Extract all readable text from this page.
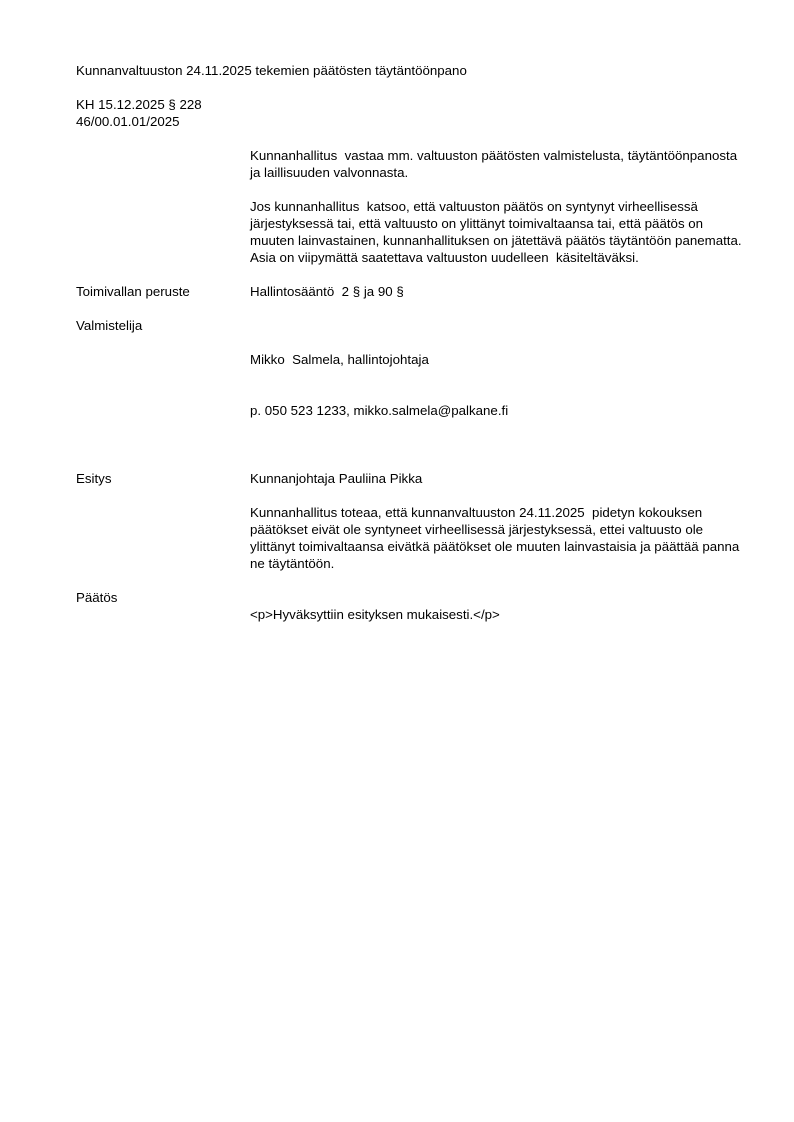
Kunnanvaltuuston 24.11.2025 tekemien päätösten täytäntöönpano
KH 15.12.2025 § 228
46/00.01.01/2025
Kunnanhallitus  vastaa mm. valtuuston päätösten valmistelusta, täytäntöönpanosta ja laillisuuden valvonnasta.
Jos kunnanhallitus  katsoo, että valtuuston päätös on syntynyt virheellisessä järjestyksessä tai, että valtuusto on ylittänyt toimivaltaansa tai, että päätös on muuten lainvastainen, kunnanhallituksen on jätettävä päätös täytäntöön panematta. Asia on viipymättä saatettava valtuuston uudelleen  käsiteltäväksi.
Toimivallan peruste	Hallintosääntö  2 § ja 90 §
Valmistelija

Mikko  Salmela, hallintojohtaja

p. 050 523 1233, mikko.salmela@palkane.fi

Esitys	Kunnanjohtaja Pauliina Pikka
Kunnanhallitus toteaa, että kunnanvaltuuston 24.11.2025  pidetyn kokouksen päätökset eivät ole syntyneet virheellisessä järjestyksessä, ettei valtuusto ole ylittänyt toimivaltaansa eivätkä päätökset ole muuten lainvastaisia ja päättää panna ne täytäntöön.
Päätös
<p>Hyväksyttiin esityksen mukaisesti.</p>
